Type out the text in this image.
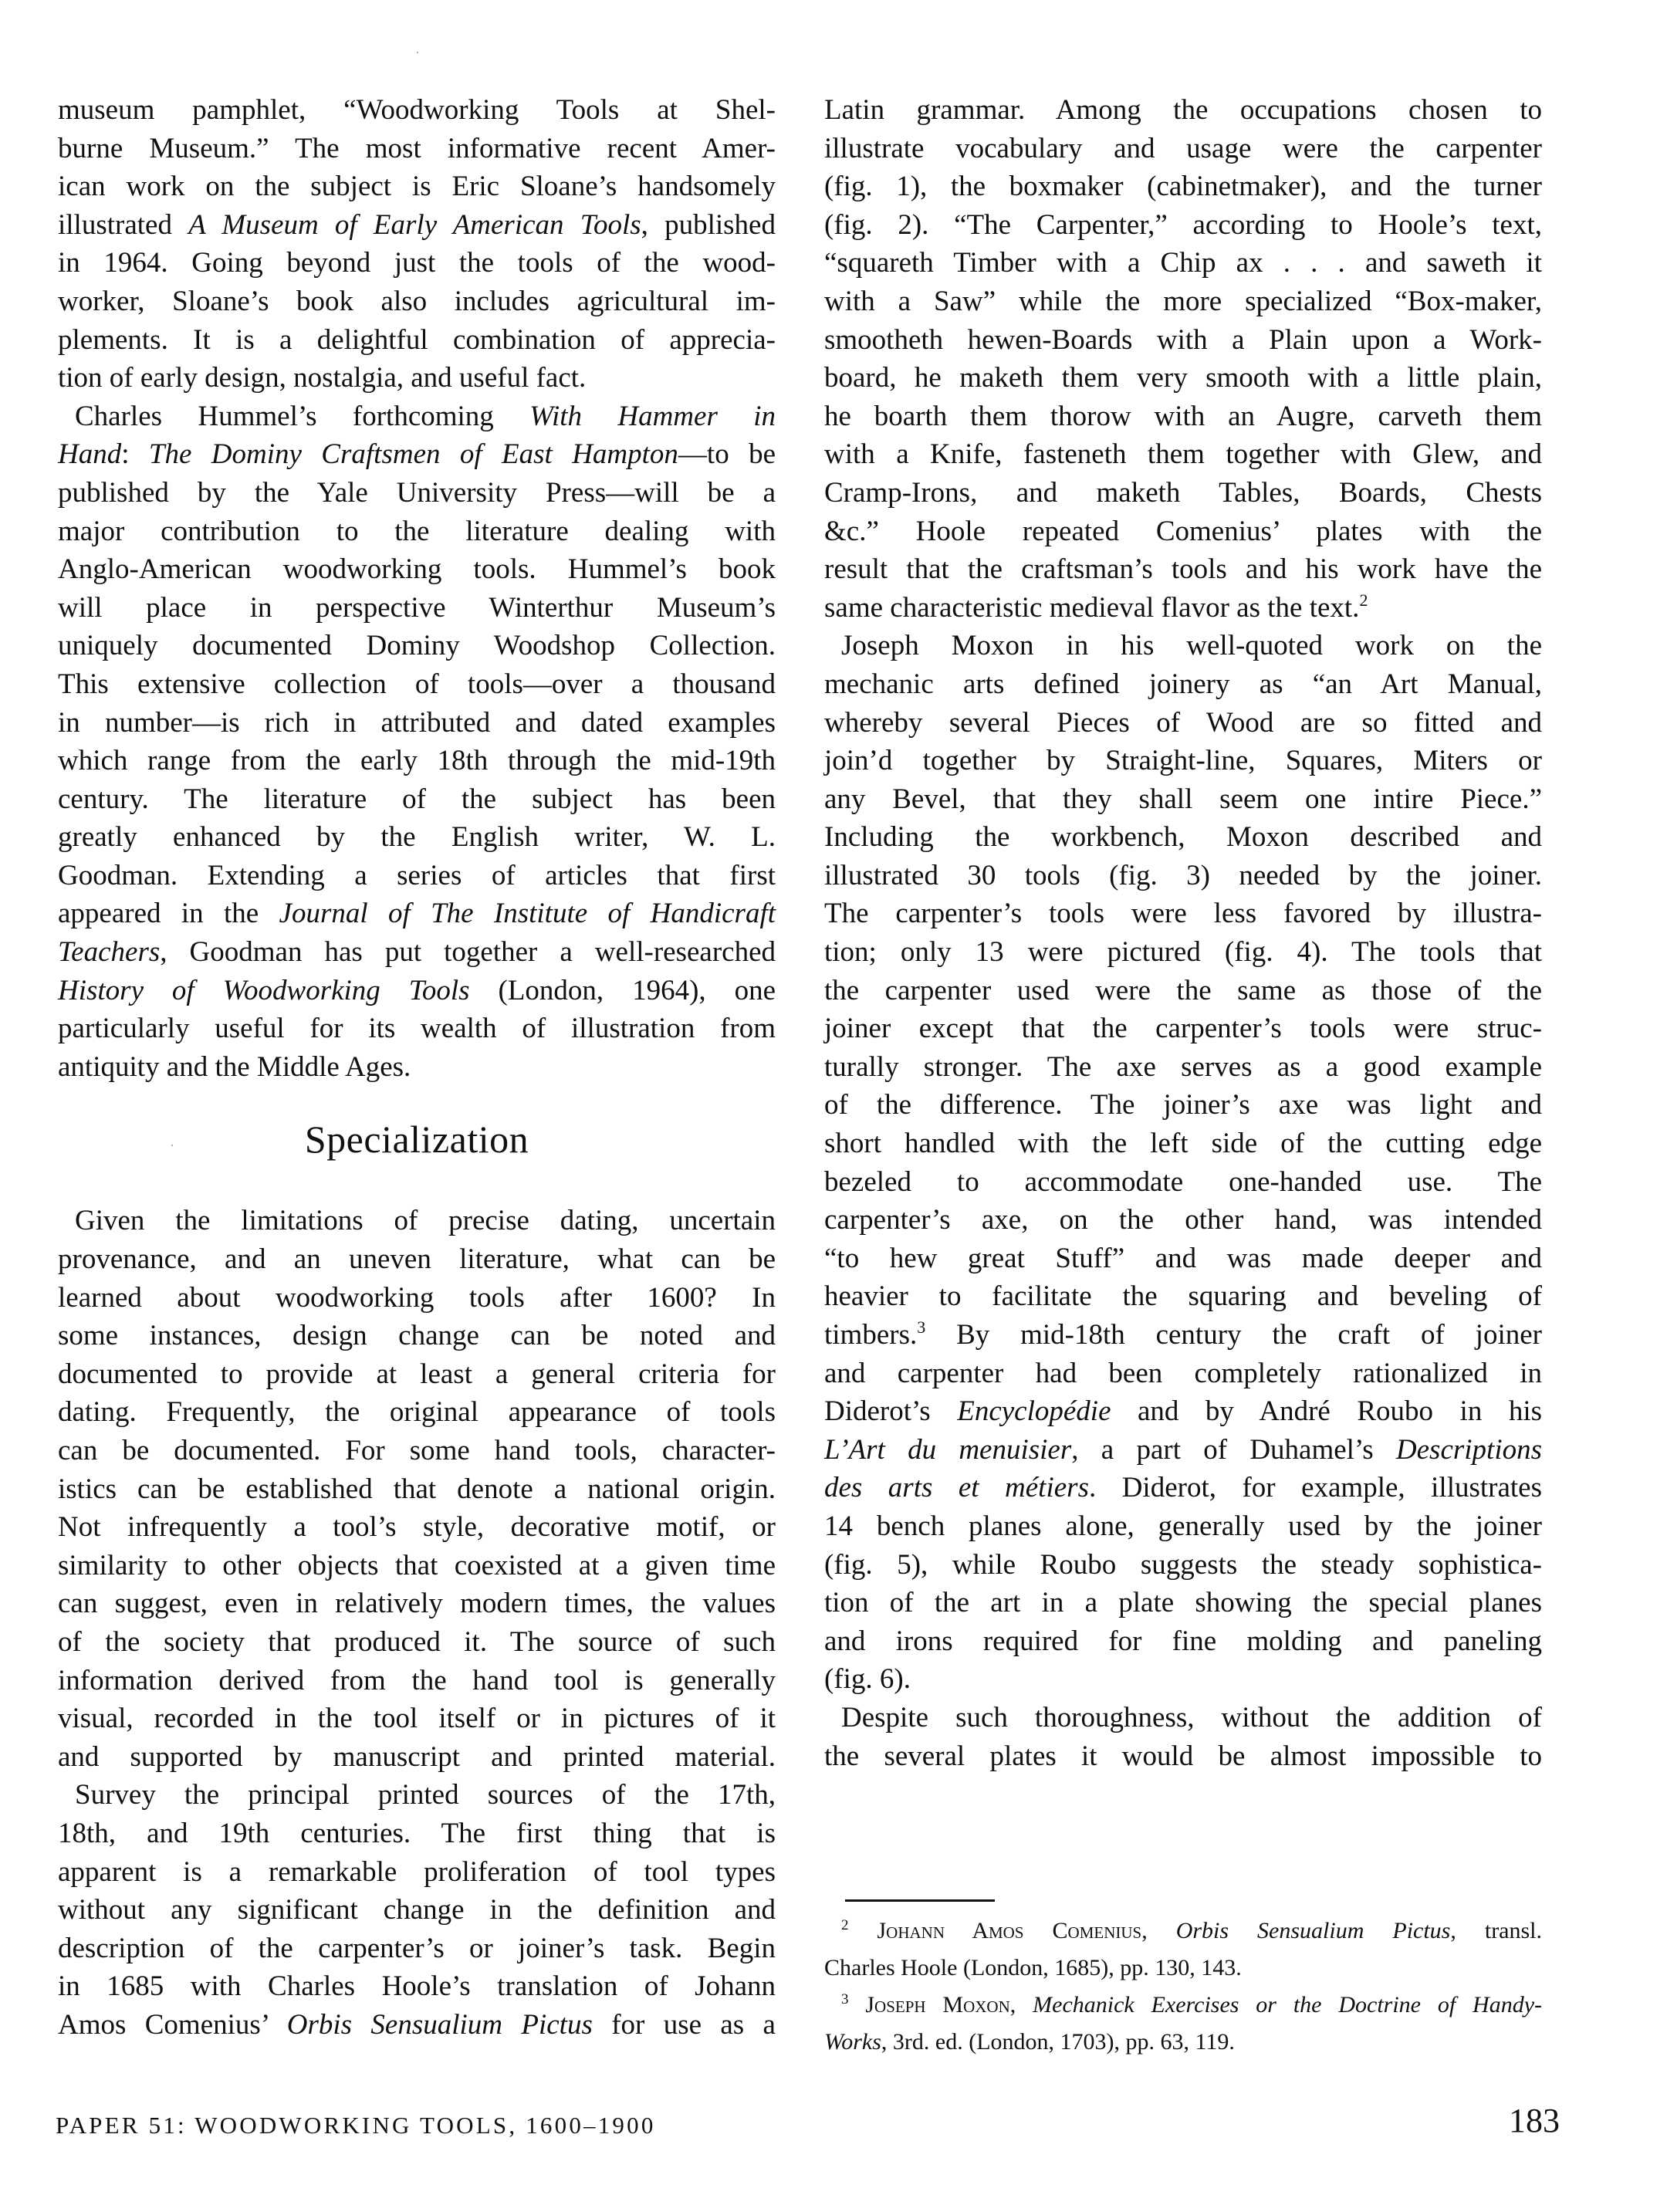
museum pamphlet, “Woodworking Tools at Shel-
burne Museum.” The most informative recent Amer-
ican work on the subject is Eric Sloane’s handsomely
illustrated A Museum of Early American Tools, published
in 1964. Going beyond just the tools of the wood-
worker, Sloane’s book also includes agricultural im-
plements. It is a delightful combination of apprecia-
tion of early design, nostalgia, and useful fact.
Charles Hummel’s forthcoming With Hammer in
Hand: The Dominy Craftsmen of East Hampton—to be
published by the Yale University Press—will be a
major contribution to the literature dealing with
Anglo-American woodworking tools. Hummel’s book
will place in perspective Winterthur Museum’s
uniquely documented Dominy Woodshop Collection.
This extensive collection of tools—over a thousand
in number—is rich in attributed and dated examples
which range from the early 18th through the mid-19th
century. The literature of the subject has been
greatly enhanced by the English writer, W. L.
Goodman. Extending a series of articles that first
appeared in the Journal of The Institute of Handicraft
Teachers, Goodman has put together a well-researched
History of Woodworking Tools (London, 1964), one
particularly useful for its wealth of illustration from
antiquity and the Middle Ages.
Specialization
Given the limitations of precise dating, uncertain
provenance, and an uneven literature, what can be
learned about woodworking tools after 1600? In
some instances, design change can be noted and
documented to provide at least a general criteria for
dating. Frequently, the original appearance of tools
can be documented. For some hand tools, character-
istics can be established that denote a national origin.
Not infrequently a tool’s style, decorative motif, or
similarity to other objects that coexisted at a given time
can suggest, even in relatively modern times, the values
of the society that produced it. The source of such
information derived from the hand tool is generally
visual, recorded in the tool itself or in pictures of it
and supported by manuscript and printed material.
Survey the principal printed sources of the 17th,
18th, and 19th centuries. The first thing that is
apparent is a remarkable proliferation of tool types
without any significant change in the definition and
description of the carpenter’s or joiner’s task. Begin
in 1685 with Charles Hoole’s translation of Johann
Amos Comenius’ Orbis Sensualium Pictus for use as a
Latin grammar. Among the occupations chosen to
illustrate vocabulary and usage were the carpenter
(fig. 1), the boxmaker (cabinetmaker), and the turner
(fig. 2). “The Carpenter,” according to Hoole’s text,
“squareth Timber with a Chip ax . . . and saweth it
with a Saw” while the more specialized “Box-maker,
smootheth hewen-Boards with a Plain upon a Work-
board, he maketh them very smooth with a little plain,
he boarth them thorow with an Augre, carveth them
with a Knife, fasteneth them together with Glew, and
Cramp-Irons, and maketh Tables, Boards, Chests
&c.” Hoole repeated Comenius’ plates with the
result that the craftsman’s tools and his work have the
same characteristic medieval flavor as the text.$^2$
Joseph Moxon in his well-quoted work on the
mechanic arts defined joinery as “an Art Manual,
whereby several Pieces of Wood are so fitted and
join’d together by Straight-line, Squares, Miters or
any Bevel, that they shall seem one intire Piece.”
Including the workbench, Moxon described and
illustrated 30 tools (fig. 3) needed by the joiner.
The carpenter’s tools were less favored by illustra-
tion; only 13 were pictured (fig. 4). The tools that
the carpenter used were the same as those of the
joiner except that the carpenter’s tools were struc-
turally stronger. The axe serves as a good example
of the difference. The joiner’s axe was light and
short handled with the left side of the cutting edge
bezeled to accommodate one-handed use. The
carpenter’s axe, on the other hand, was intended
“to hew great Stuff” and was made deeper and
heavier to facilitate the squaring and beveling of
timbers.$^3$ By mid-18th century the craft of joiner
and carpenter had been completely rationalized in
Diderot’s Encyclopédie and by André Roubo in his
L’Art du menuisier, a part of Duhamel’s Descriptions
des arts et métiers. Diderot, for example, illustrates
14 bench planes alone, generally used by the joiner
(fig. 5), while Roubo suggests the steady sophistica-
tion of the art in a plate showing the special planes
and irons required for fine molding and paneling
(fig. 6).
Despite such thoroughness, without the addition of
the several plates it would be almost impossible to
$^2$ Johann Amos Comenius, Orbis Sensualium Pictus, transl.
Charles Hoole (London, 1685), pp. 130, 143.
$^3$ Joseph Moxon, Mechanick Exercises or the Doctrine of Handy-
Works, 3rd. ed. (London, 1703), pp. 63, 119.
PAPER 51: WOODWORKING TOOLS, 1600–1900	183
